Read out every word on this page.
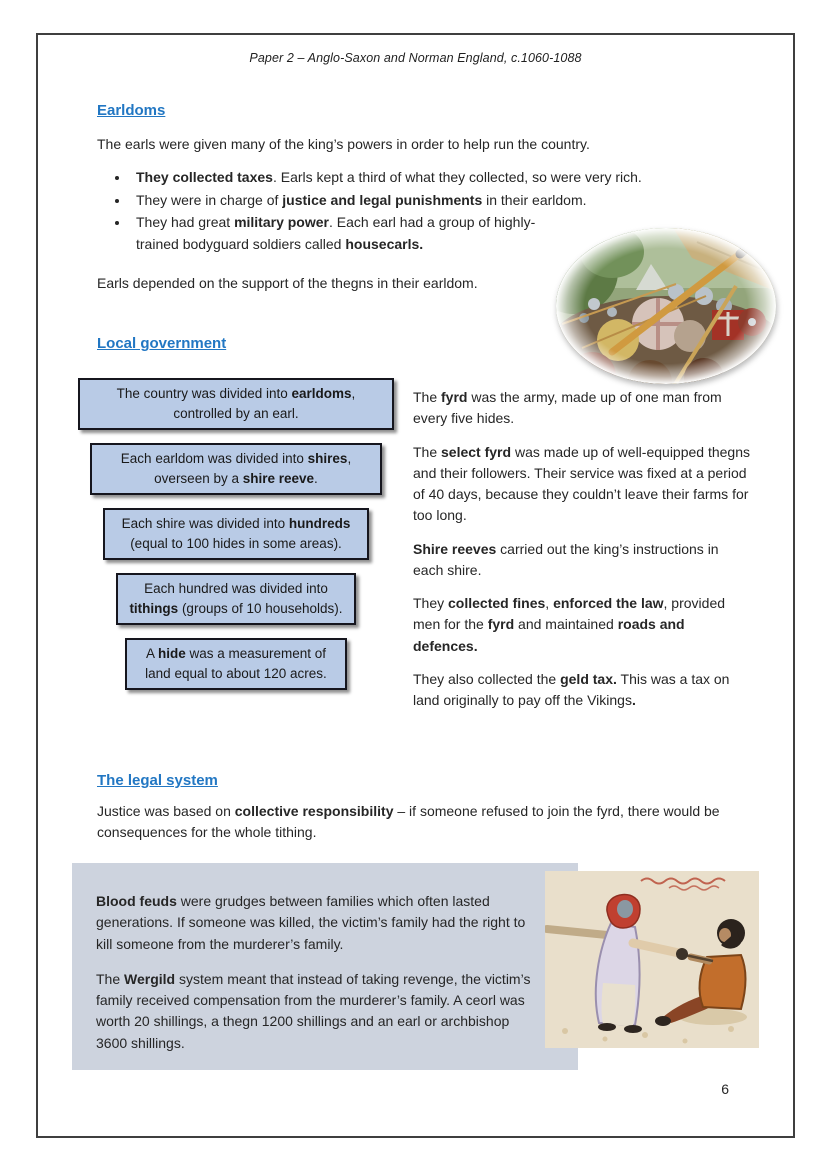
Paper 2 – Anglo-Saxon and Norman England, c.1060-1088
Earldoms

The earls were given many of the king’s powers in order to help run the country.

• They collected taxes. Earls kept a third of what they collected, so were very rich.
• They were in charge of justice and legal punishments in their earldom.
• They had great military power. Each earl had a group of highly-trained bodyguard soldiers called housecarls.

Earls depended on the support of the thegns in their earldom.

Local government
The country was divided into earldoms, controlled by an earl.
Each earldom was divided into shires, overseen by a shire reeve.
Each shire was divided into hundreds (equal to 100 hides in some areas).
Each hundred was divided into tithings (groups of 10 households).
A hide was a measurement of land equal to about 120 acres.

The fyrd was the army, made up of one man from every five hides.

The select fyrd was made up of well-equipped thegns and their followers. Their service was fixed at a period of 40 days, because they couldn’t leave their farms for too long.

Shire reeves carried out the king’s instructions in each shire.

They collected fines, enforced the law, provided men for the fyrd and maintained roads and defences.

They also collected the geld tax. This was a tax on land originally to pay off the Vikings.

The legal system

Justice was based on collective responsibility – if someone refused to join the fyrd, there would be consequences for the whole tithing.

Blood feuds were grudges between families which often lasted generations. If someone was killed, the victim’s family had the right to kill someone from the murderer’s family.

The Wergild system meant that instead of taking revenge, the victim’s family received compensation from the murderer’s family. A ceorl was worth 20 shillings, a thegn 1200 shillings and an earl or archbishop 3600 shillings.

6
